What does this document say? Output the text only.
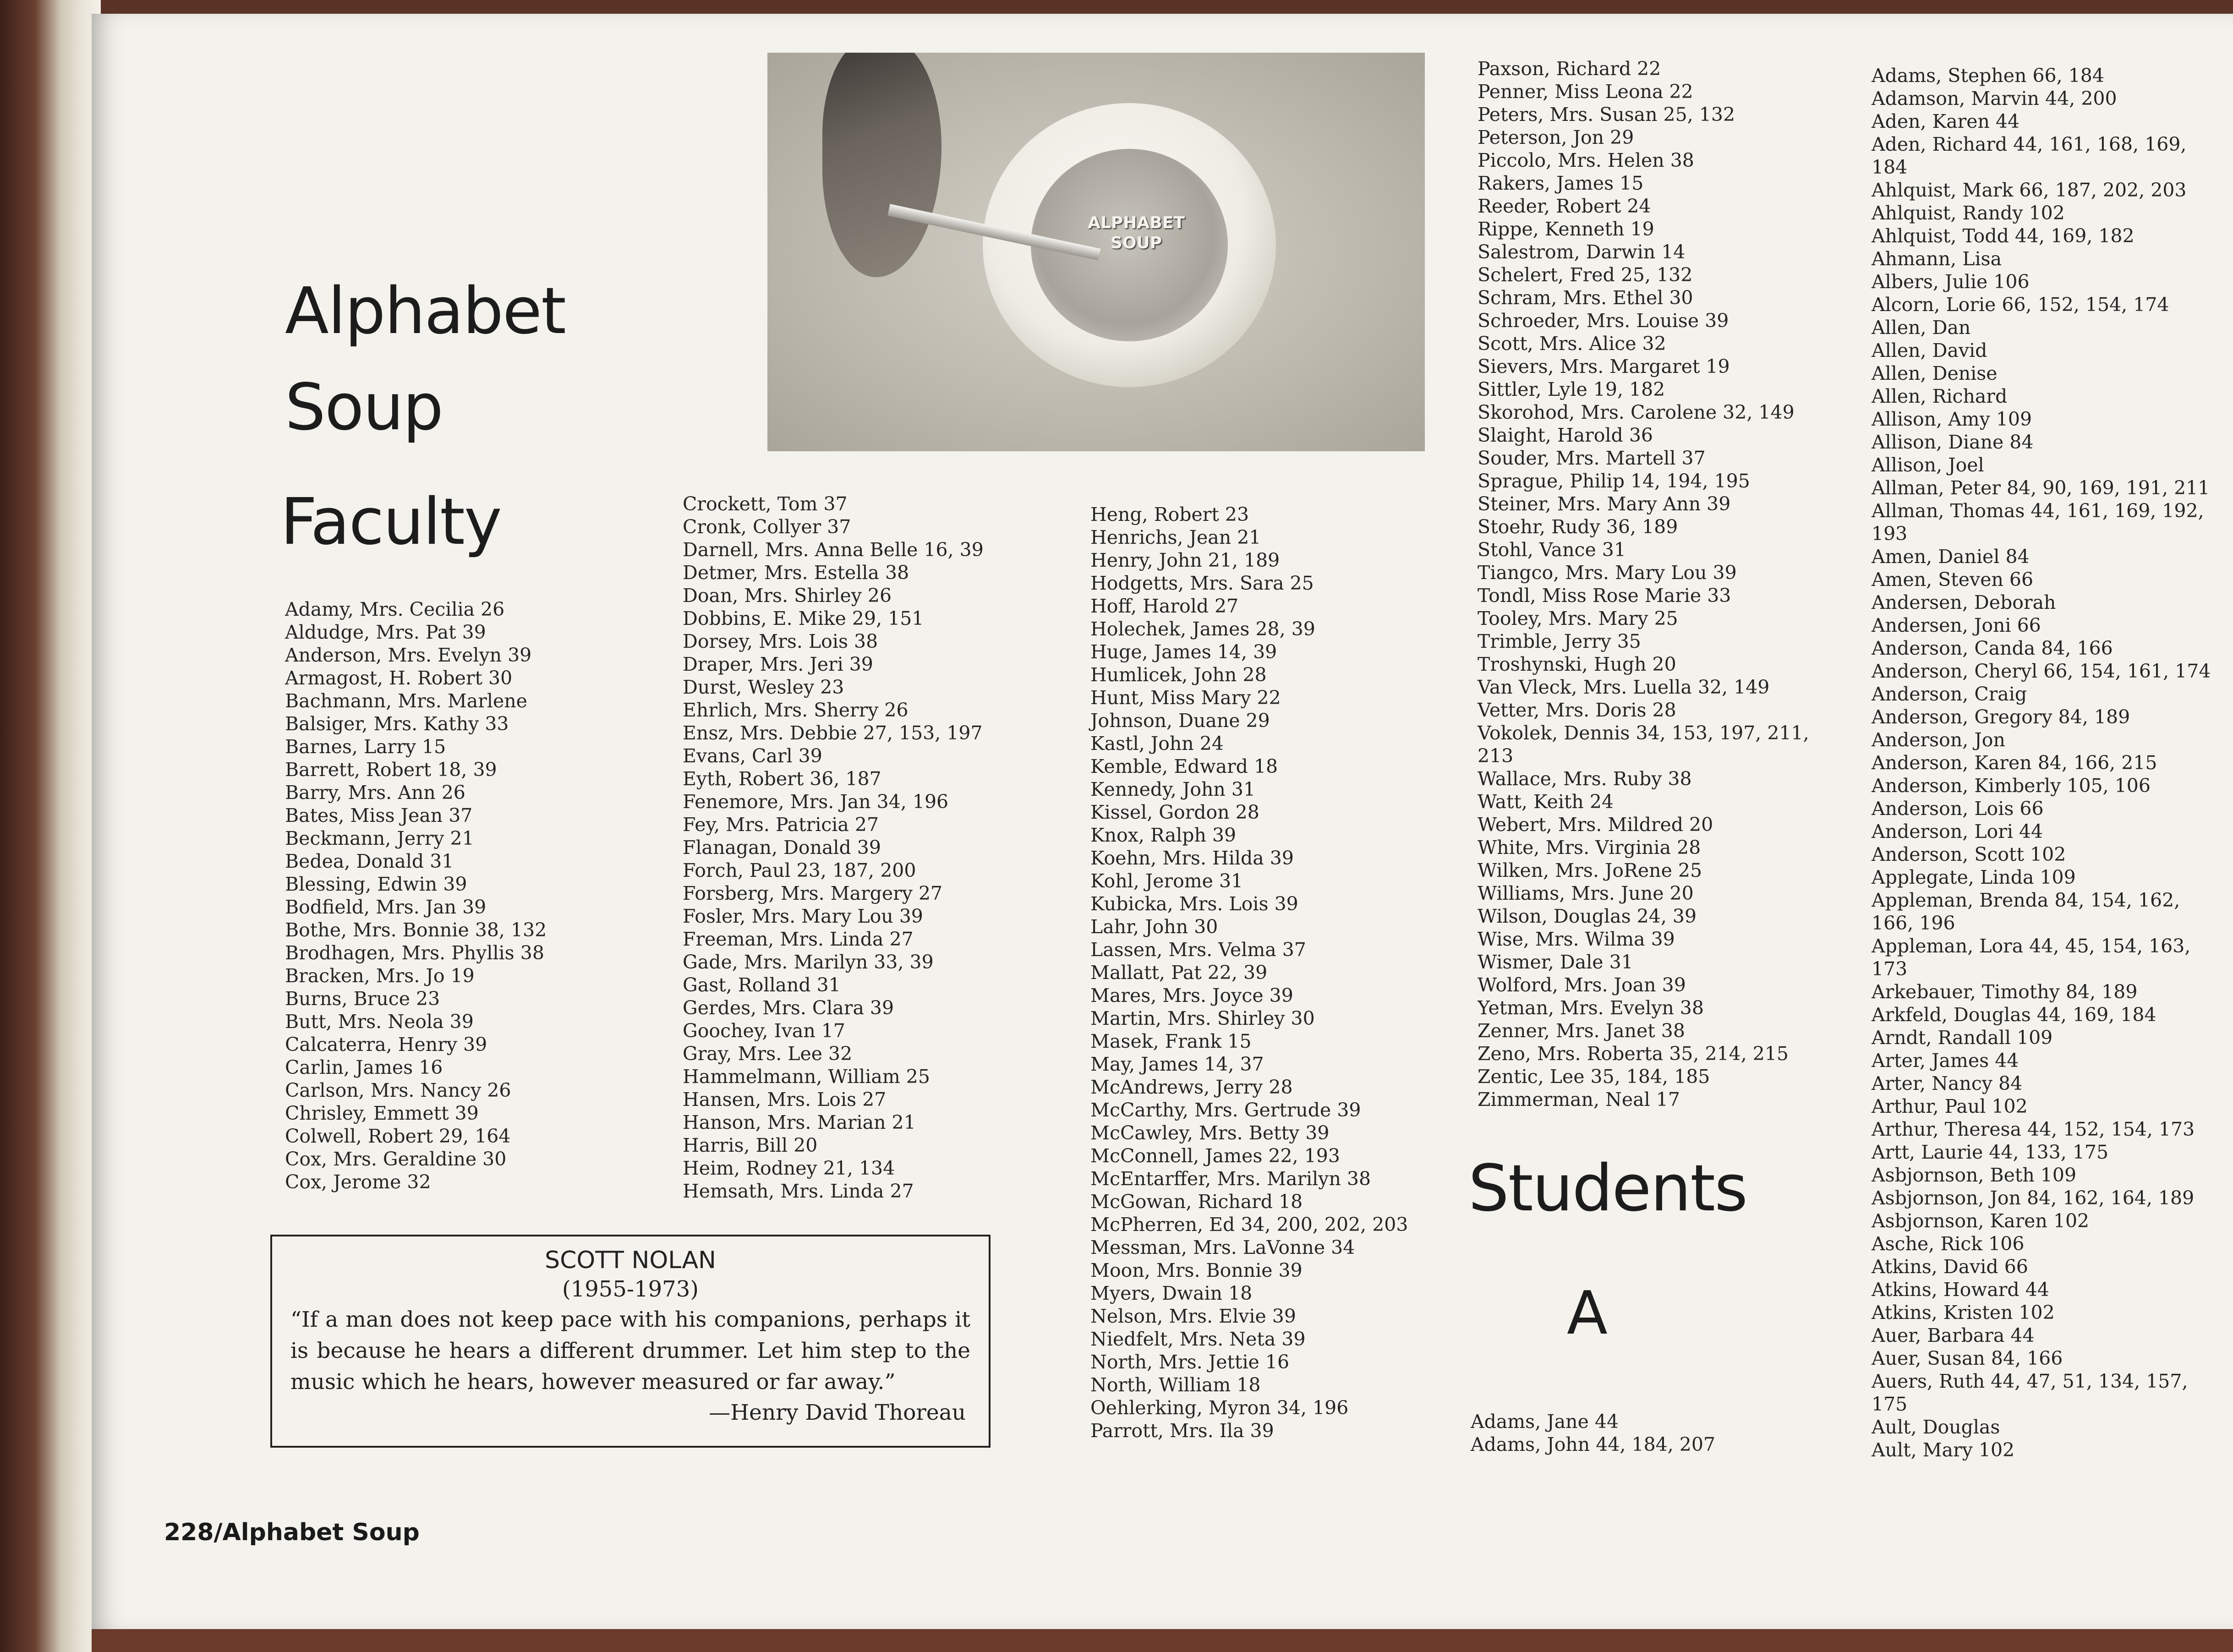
Alphabet
Soup
Faculty
ALPHABET SOUP
Adamy, Mrs. Cecilia 26
Aldudge, Mrs. Pat 39
Anderson, Mrs. Evelyn 39
Armagost, H. Robert 30
Bachmann, Mrs. Marlene
Balsiger, Mrs. Kathy 33
Barnes, Larry 15
Barrett, Robert 18, 39
Barry, Mrs. Ann 26
Bates, Miss Jean 37
Beckmann, Jerry 21
Bedea, Donald 31
Blessing, Edwin 39
Bodfield, Mrs. Jan 39
Bothe, Mrs. Bonnie 38, 132
Brodhagen, Mrs. Phyllis 38
Bracken, Mrs. Jo 19
Burns, Bruce 23
Butt, Mrs. Neola 39
Calcaterra, Henry 39
Carlin, James 16
Carlson, Mrs. Nancy 26
Chrisley, Emmett 39
Colwell, Robert 29, 164
Cox, Mrs. Geraldine 30
Cox, Jerome 32
Crockett, Tom 37
Cronk, Collyer 37
Darnell, Mrs. Anna Belle 16, 39
Detmer, Mrs. Estella 38
Doan, Mrs. Shirley 26
Dobbins, E. Mike 29, 151
Dorsey, Mrs. Lois 38
Draper, Mrs. Jeri 39
Durst, Wesley 23
Ehrlich, Mrs. Sherry 26
Ensz, Mrs. Debbie 27, 153, 197
Evans, Carl 39
Eyth, Robert 36, 187
Fenemore, Mrs. Jan 34, 196
Fey, Mrs. Patricia 27
Flanagan, Donald 39
Forch, Paul 23, 187, 200
Forsberg, Mrs. Margery 27
Fosler, Mrs. Mary Lou 39
Freeman, Mrs. Linda 27
Gade, Mrs. Marilyn 33, 39
Gast, Rolland 31
Gerdes, Mrs. Clara 39
Goochey, Ivan 17
Gray, Mrs. Lee 32
Hammelmann, William 25
Hansen, Mrs. Lois 27
Hanson, Mrs. Marian 21
Harris, Bill 20
Heim, Rodney 21, 134
Hemsath, Mrs. Linda 27
Heng, Robert 23
Henrichs, Jean 21
Henry, John 21, 189
Hodgetts, Mrs. Sara 25
Hoff, Harold 27
Holechek, James 28, 39
Huge, James 14, 39
Humlicek, John 28
Hunt, Miss Mary 22
Johnson, Duane 29
Kastl, John 24
Kemble, Edward 18
Kennedy, John 31
Kissel, Gordon 28
Knox, Ralph 39
Koehn, Mrs. Hilda 39
Kohl, Jerome 31
Kubicka, Mrs. Lois 39
Lahr, John 30
Lassen, Mrs. Velma 37
Mallatt, Pat 22, 39
Mares, Mrs. Joyce 39
Martin, Mrs. Shirley 30
Masek, Frank 15
May, James 14, 37
McAndrews, Jerry 28
McCarthy, Mrs. Gertrude 39
McCawley, Mrs. Betty 39
McConnell, James 22, 193
McEntarffer, Mrs. Marilyn 38
McGowan, Richard 18
McPherren, Ed 34, 200, 202, 203
Messman, Mrs. LaVonne 34
Moon, Mrs. Bonnie 39
Myers, Dwain 18
Nelson, Mrs. Elvie 39
Niedfelt, Mrs. Neta 39
North, Mrs. Jettie 16
North, William 18
Oehlerking, Myron 34, 196
Parrott, Mrs. Ila 39
Paxson, Richard 22
Penner, Miss Leona 22
Peters, Mrs. Susan 25, 132
Peterson, Jon 29
Piccolo, Mrs. Helen 38
Rakers, James 15
Reeder, Robert 24
Rippe, Kenneth 19
Salestrom, Darwin 14
Schelert, Fred 25, 132
Schram, Mrs. Ethel 30
Schroeder, Mrs. Louise 39
Scott, Mrs. Alice 32
Sievers, Mrs. Margaret 19
Sittler, Lyle 19, 182
Skorohod, Mrs. Carolene 32, 149
Slaight, Harold 36
Souder, Mrs. Martell 37
Sprague, Philip 14, 194, 195
Steiner, Mrs. Mary Ann 39
Stoehr, Rudy 36, 189
Stohl, Vance 31
Tiangco, Mrs. Mary Lou 39
Tondl, Miss Rose Marie 33
Tooley, Mrs. Mary 25
Trimble, Jerry 35
Troshynski, Hugh 20
Van Vleck, Mrs. Luella 32, 149
Vetter, Mrs. Doris 28
Vokolek, Dennis 34, 153, 197, 211,
213
Wallace, Mrs. Ruby 38
Watt, Keith 24
Webert, Mrs. Mildred 20
White, Mrs. Virginia 28
Wilken, Mrs. JoRene 25
Williams, Mrs. June 20
Wilson, Douglas 24, 39
Wise, Mrs. Wilma 39
Wismer, Dale 31
Wolford, Mrs. Joan 39
Yetman, Mrs. Evelyn 38
Zenner, Mrs. Janet 38
Zeno, Mrs. Roberta 35, 214, 215
Zentic, Lee 35, 184, 185
Zimmerman, Neal 17
Adams, Jane 44
Adams, John 44, 184, 207
Adams, Stephen 66, 184
Adamson, Marvin 44, 200
Aden, Karen 44
Aden, Richard 44, 161, 168, 169,
184
Ahlquist, Mark 66, 187, 202, 203
Ahlquist, Randy 102
Ahlquist, Todd 44, 169, 182
Ahmann, Lisa
Albers, Julie 106
Alcorn, Lorie 66, 152, 154, 174
Allen, Dan
Allen, David
Allen, Denise
Allen, Richard
Allison, Amy 109
Allison, Diane 84
Allison, Joel
Allman, Peter 84, 90, 169, 191, 211
Allman, Thomas 44, 161, 169, 192,
193
Amen, Daniel 84
Amen, Steven 66
Andersen, Deborah
Andersen, Joni 66
Anderson, Canda 84, 166
Anderson, Cheryl 66, 154, 161, 174
Anderson, Craig
Anderson, Gregory 84, 189
Anderson, Jon
Anderson, Karen 84, 166, 215
Anderson, Kimberly 105, 106
Anderson, Lois 66
Anderson, Lori 44
Anderson, Scott 102
Applegate, Linda 109
Appleman, Brenda 84, 154, 162,
166, 196
Appleman, Lora 44, 45, 154, 163,
173
Arkebauer, Timothy 84, 189
Arkfeld, Douglas 44, 169, 184
Arndt, Randall 109
Arter, James 44
Arter, Nancy 84
Arthur, Paul 102
Arthur, Theresa 44, 152, 154, 173
Artt, Laurie 44, 133, 175
Asbjornson, Beth 109
Asbjornson, Jon 84, 162, 164, 189
Asbjornson, Karen 102
Asche, Rick 106
Atkins, David 66
Atkins, Howard 44
Atkins, Kristen 102
Auer, Barbara 44
Auer, Susan 84, 166
Auers, Ruth 44, 47, 51, 134, 157,
175
Ault, Douglas
Ault, Mary 102
Students
A
SCOTT NOLAN
(1955-1973)
“If a man does not keep pace with his companions, perhaps it is because he hears a different drummer. Let him step to the music which he hears, however measured or far away.”
—Henry David Thoreau
228/Alphabet Soup
